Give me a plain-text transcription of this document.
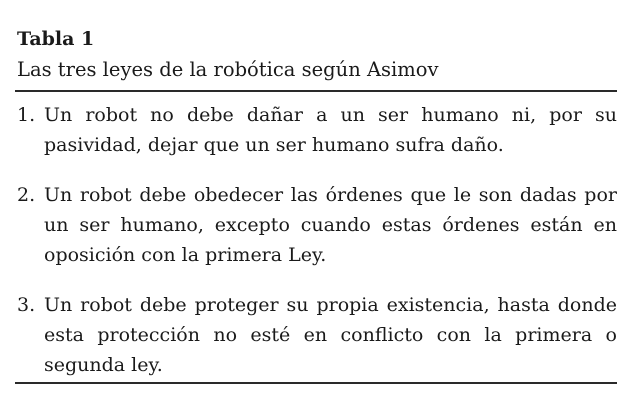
Tabla 1
Las tres leyes de la robótica según Asimov
1. Un robot no debe dañar a un ser humano ni, por su pasividad, dejar que un ser humano sufra daño.
2. Un robot debe obedecer las órdenes que le son dadas por un ser humano, excepto cuando estas órdenes están en oposición con la primera Ley.
3. Un robot debe proteger su propia existencia, hasta donde esta protección no esté en conflicto con la primera o segunda ley.
